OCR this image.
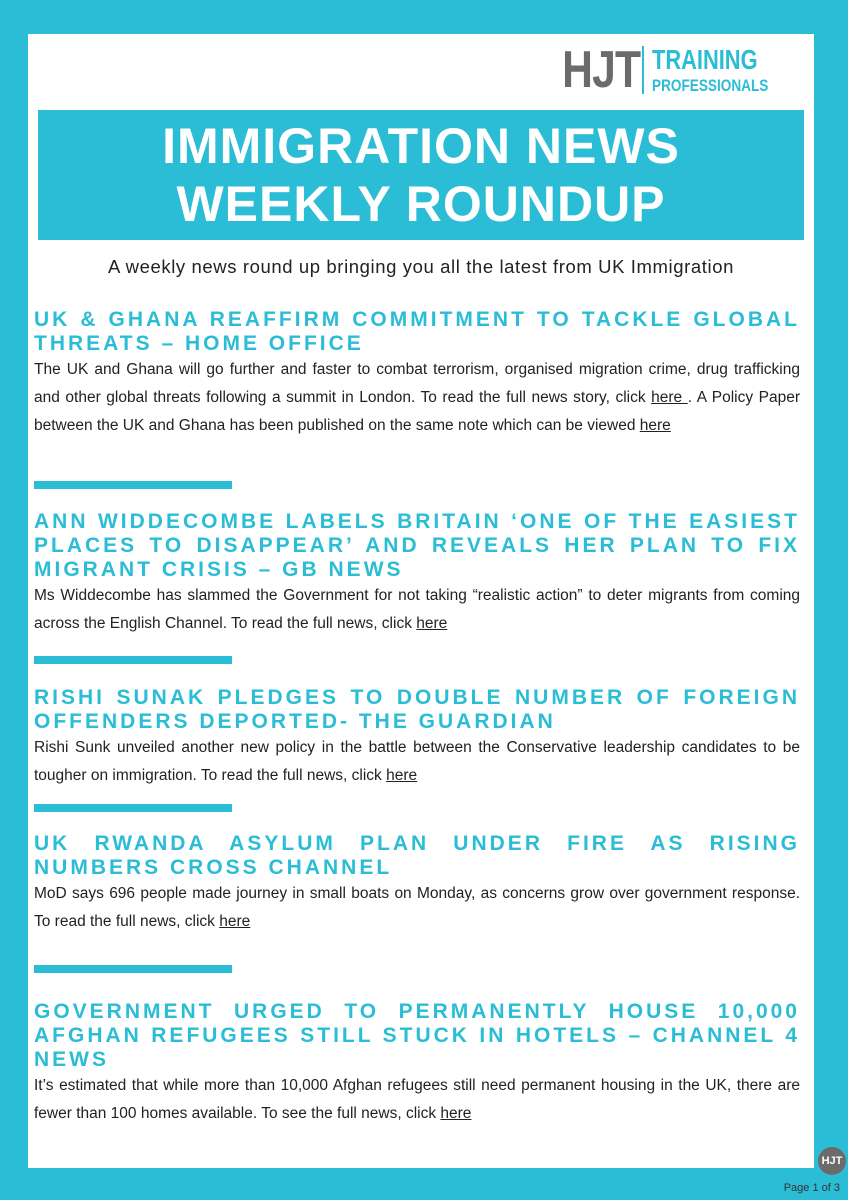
HJT TRAINING
PROFESSIONALS
IMMIGRATION NEWS
WEEKLY ROUNDUP
A weekly news round up bringing you all the latest from UK Immigration

UK & GHANA REAFFIRM COMMITMENT TO TACKLE GLOBAL THREATS – HOME OFFICE

The UK and Ghana will go further and faster to combat terrorism, organised migration crime, drug trafficking and other global threats following a summit in London. To read the full news story, click here . A Policy Paper between the UK and Ghana has been published on the same note which can be viewed here

ANN WIDDECOMBE LABELS BRITAIN ‘ONE OF THE EASIEST PLACES TO DISAPPEAR’ AND REVEALS HER PLAN TO FIX MIGRANT CRISIS – GB NEWS

Ms Widdecombe has slammed the Government for not taking “realistic action” to deter migrants from coming across the English Channel. To read the full news, click here

RISHI SUNAK PLEDGES TO DOUBLE NUMBER OF FOREIGN OFFENDERS DEPORTED- THE GUARDIAN

Rishi Sunk unveiled another new policy in the battle between the Conservative leadership candidates to be tougher on immigration. To read the full news, click here

UK RWANDA ASYLUM PLAN UNDER FIRE AS RISING NUMBERS CROSS CHANNEL

MoD says 696 people made journey in small boats on Monday, as concerns grow over government response. To read the full news, click here

GOVERNMENT URGED TO PERMANENTLY HOUSE 10,000 AFGHAN REFUGEES STILL STUCK IN HOTELS – CHANNEL 4 NEWS

It’s estimated that while more than 10,000 Afghan refugees still need permanent housing in the UK, there are fewer than 100 homes available. To see the full news, click here

HJT
Page 1 of 3
